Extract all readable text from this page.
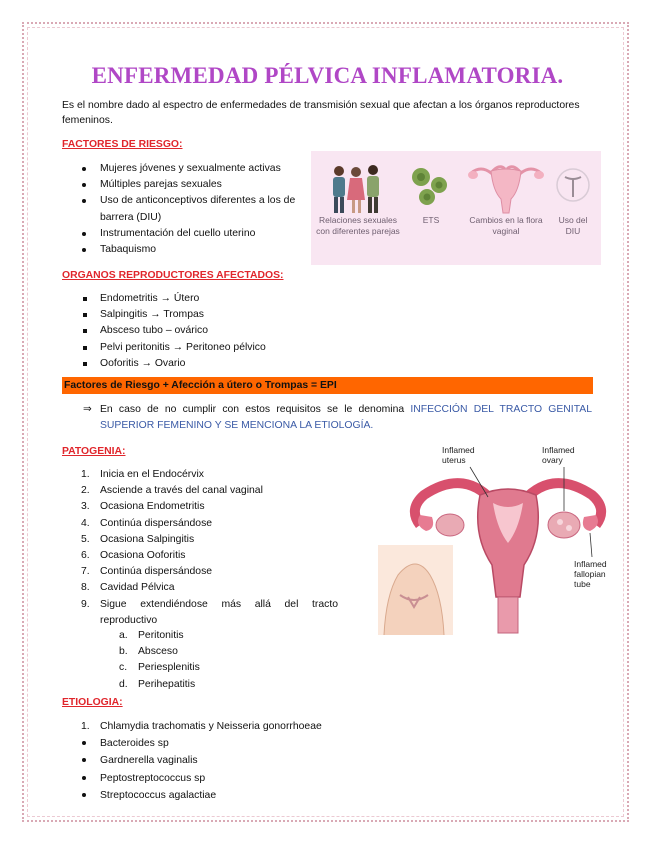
ENFERMEDAD PÉLVICA INFLAMATORIA.
Es el nombre dado al espectro de enfermedades de transmisión sexual que afectan a los órganos reproductores femeninos.
FACTORES DE RIESGO:
Mujeres jóvenes y sexualmente activas
Múltiples parejas sexuales
Uso de anticonceptivos diferentes a los de barrera (DIU)
Instrumentación del cuello uterino
Tabaquismo
Relaciones sexuales con diferentes parejas
ETS	Cambios en la flora vaginal
Uso del DIU
ORGANOS REPRODUCTORES AFECTADOS:
Endometritis → Útero
Salpingitis → Trompas
Absceso tubo – ovárico
Pelvi peritonitis → Peritoneo pélvico
Ooforitis → Ovario
Factores de Riesgo + Afección a útero o Trompas = EPI
⇒ En caso de no cumplir con estos requisitos se le denomina INFECCIÓN DEL TRACTO GENITAL SUPERIOR FEMENINO Y SE MENCIONA LA ETIOLOGÍA.
PATOGENIA:
1. Inicia en el Endocérvix
2. Asciende a través del canal vaginal
3. Ocasiona Endometritis
4. Continúa dispersándose
5. Ocasiona Salpingitis
6. Ocasiona Ooforitis
7. Continúa dispersándose
8. Cavidad Pélvica
9. Sigue extendiéndose más allá del tracto reproductivo
a. Peritonitis
b. Absceso
c.	Periesplenitis
d. Perihepatitis
Inflamed uterus
Inflamed ovary
Inflamed fallopian tube
ETIOLOGIA:
1. Chlamydia trachomatis y Neisseria gonorrhoeae
Bacteroides sp
Gardnerella vaginalis
Peptostreptococcus sp
Streptococcus agalactiae
